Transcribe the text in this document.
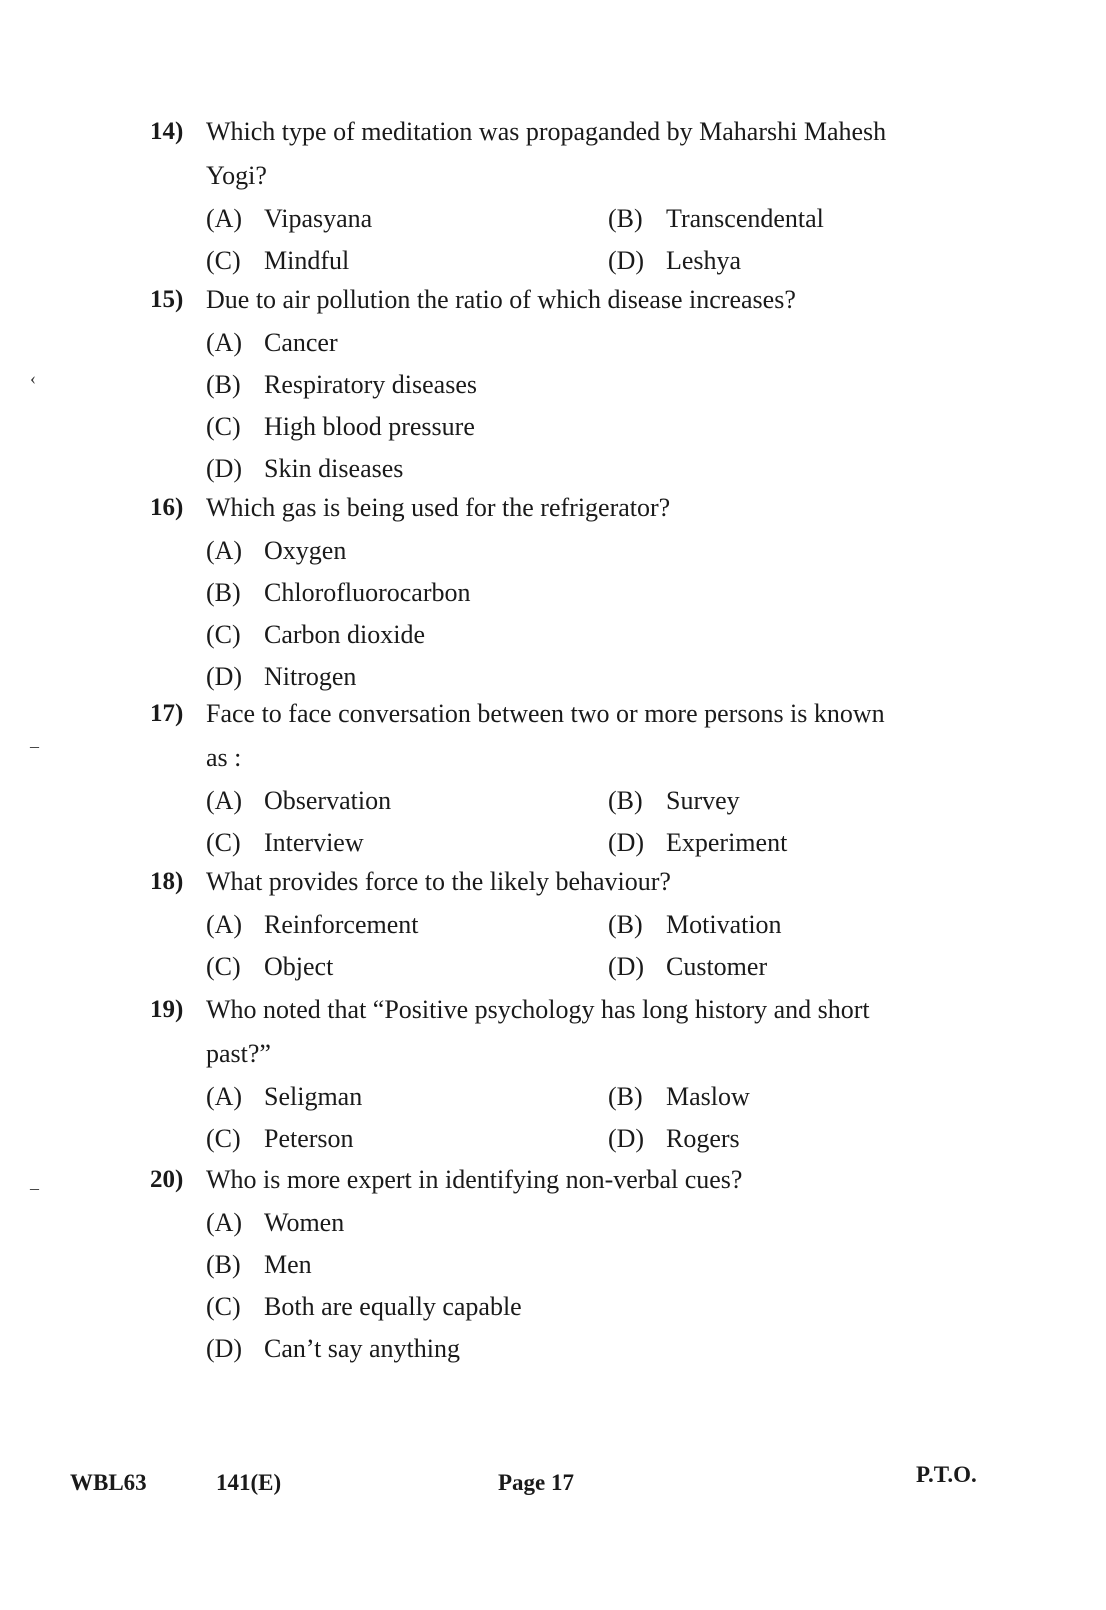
14) Which type of meditation was propaganded by Maharshi Mahesh Yogi?
(A) Vipasyana	(B) Transcendental
(C) Mindful	(D) Leshya
15) Due to air pollution the ratio of which disease increases?
(A) Cancer
(B) Respiratory diseases
(C) High blood pressure
(D) Skin diseases
16) Which gas is being used for the refrigerator?
(A) Oxygen
(B) Chlorofluorocarbon
(C) Carbon dioxide
(D) Nitrogen
17) Face to face conversation between two or more persons is known as :
(A) Observation	(B) Survey
(C) Interview	(D) Experiment
18) What provides force to the likely behaviour?
(A) Reinforcement	(B) Motivation
(C) Object	(D) Customer
19) Who noted that “Positive psychology has long history and short past?”
(A) Seligman	(B) Maslow
(C) Peterson	(D) Rogers
20) Who is more expert in identifying non-verbal cues?
(A) Women
(B) Men
(C) Both are equally capable
(D) Can’t say anything
‹
‒
‒
WBL63	141(E)	Page 17	P.T.O.
